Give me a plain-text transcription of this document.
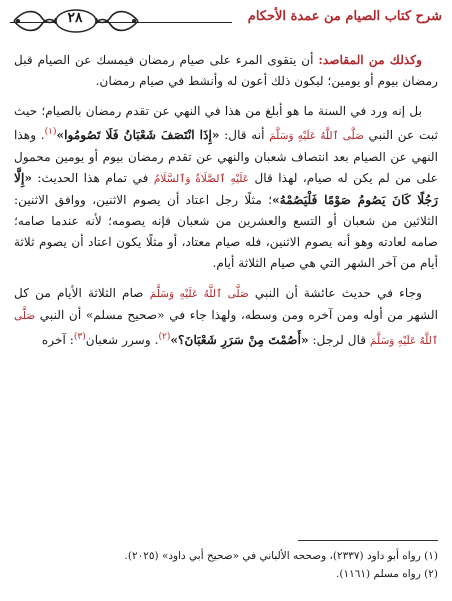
شرح كتاب الصيام من عمدة الأحكام
٢٨

وكذلك من المقاصد: أن يتقوى المرء على صيام رمضان فيمسك عن الصيام قبل رمضان بيوم أو يومين؛ ليكون ذلك أعون له وأنشط في صيام رمضان.

بل إنه ورد في السنة ما هو أبلغ من هذا في النهي عن تقدم رمضان بالصيام؛ حيث ثبت عن النبي صَلَّى ٱللَّهُ عَلَيْهِ وَسَلَّمَ أنه قال: «إِذَا انْتَصَفَ شَعْبَانُ فَلَا تَصُومُوا»$^{(١)}$. وهذا النهي عن الصيام بعد انتصاف شعبان والنهي عن تقدم رمضان بيوم أو يومين محمول على من لم يكن له صيام، لهذا قال عَلَيْهِ ٱلصَّلَاةُ وَٱلسَّلَامُ في تمام هذا الحديث: «إِلَّا رَجُلًا كَانَ يَصُومُ صَوْمًا فَلْيَصُمْهُ»؛ مثلًا رجل اعتاد أن يصوم الاثنين، ووافق الاثنين: الثلاثين من شعبان أو التسع والعشرين من شعبان فإنه يصومه؛ لأنه عندما صامه؛ صامه لعادته وهو أنه يصوم الاثنين، فله صيام معتاد، أو مثلًا يكون اعتاد أن يصوم ثلاثة أيام من آخر الشهر التي هي صيام الثلاثة أيام.

وجاء في حديث عائشة أن النبي صَلَّى ٱللَّهُ عَلَيْهِ وَسَلَّمَ صام الثلاثة الأيام من كل الشهر من أوله ومن آخره ومن وسطه، ولهذا جاء في «صحيح مسلم» أن النبي صَلَّى ٱللَّهُ عَلَيْهِ وَسَلَّمَ قال لرجل: «أَصُمْتَ مِنْ سَرَرِ شَعْبَانَ؟»$^{(٢)}$. وسرر شعبان$^{(٣)}$: آخره

(١) رواه أبو داود (٢٣٣٧)، وصححه الألباني في «صحيح أبي داود» (٢٠٢٥).

(٢) رواه مسلم (١١٦١).
